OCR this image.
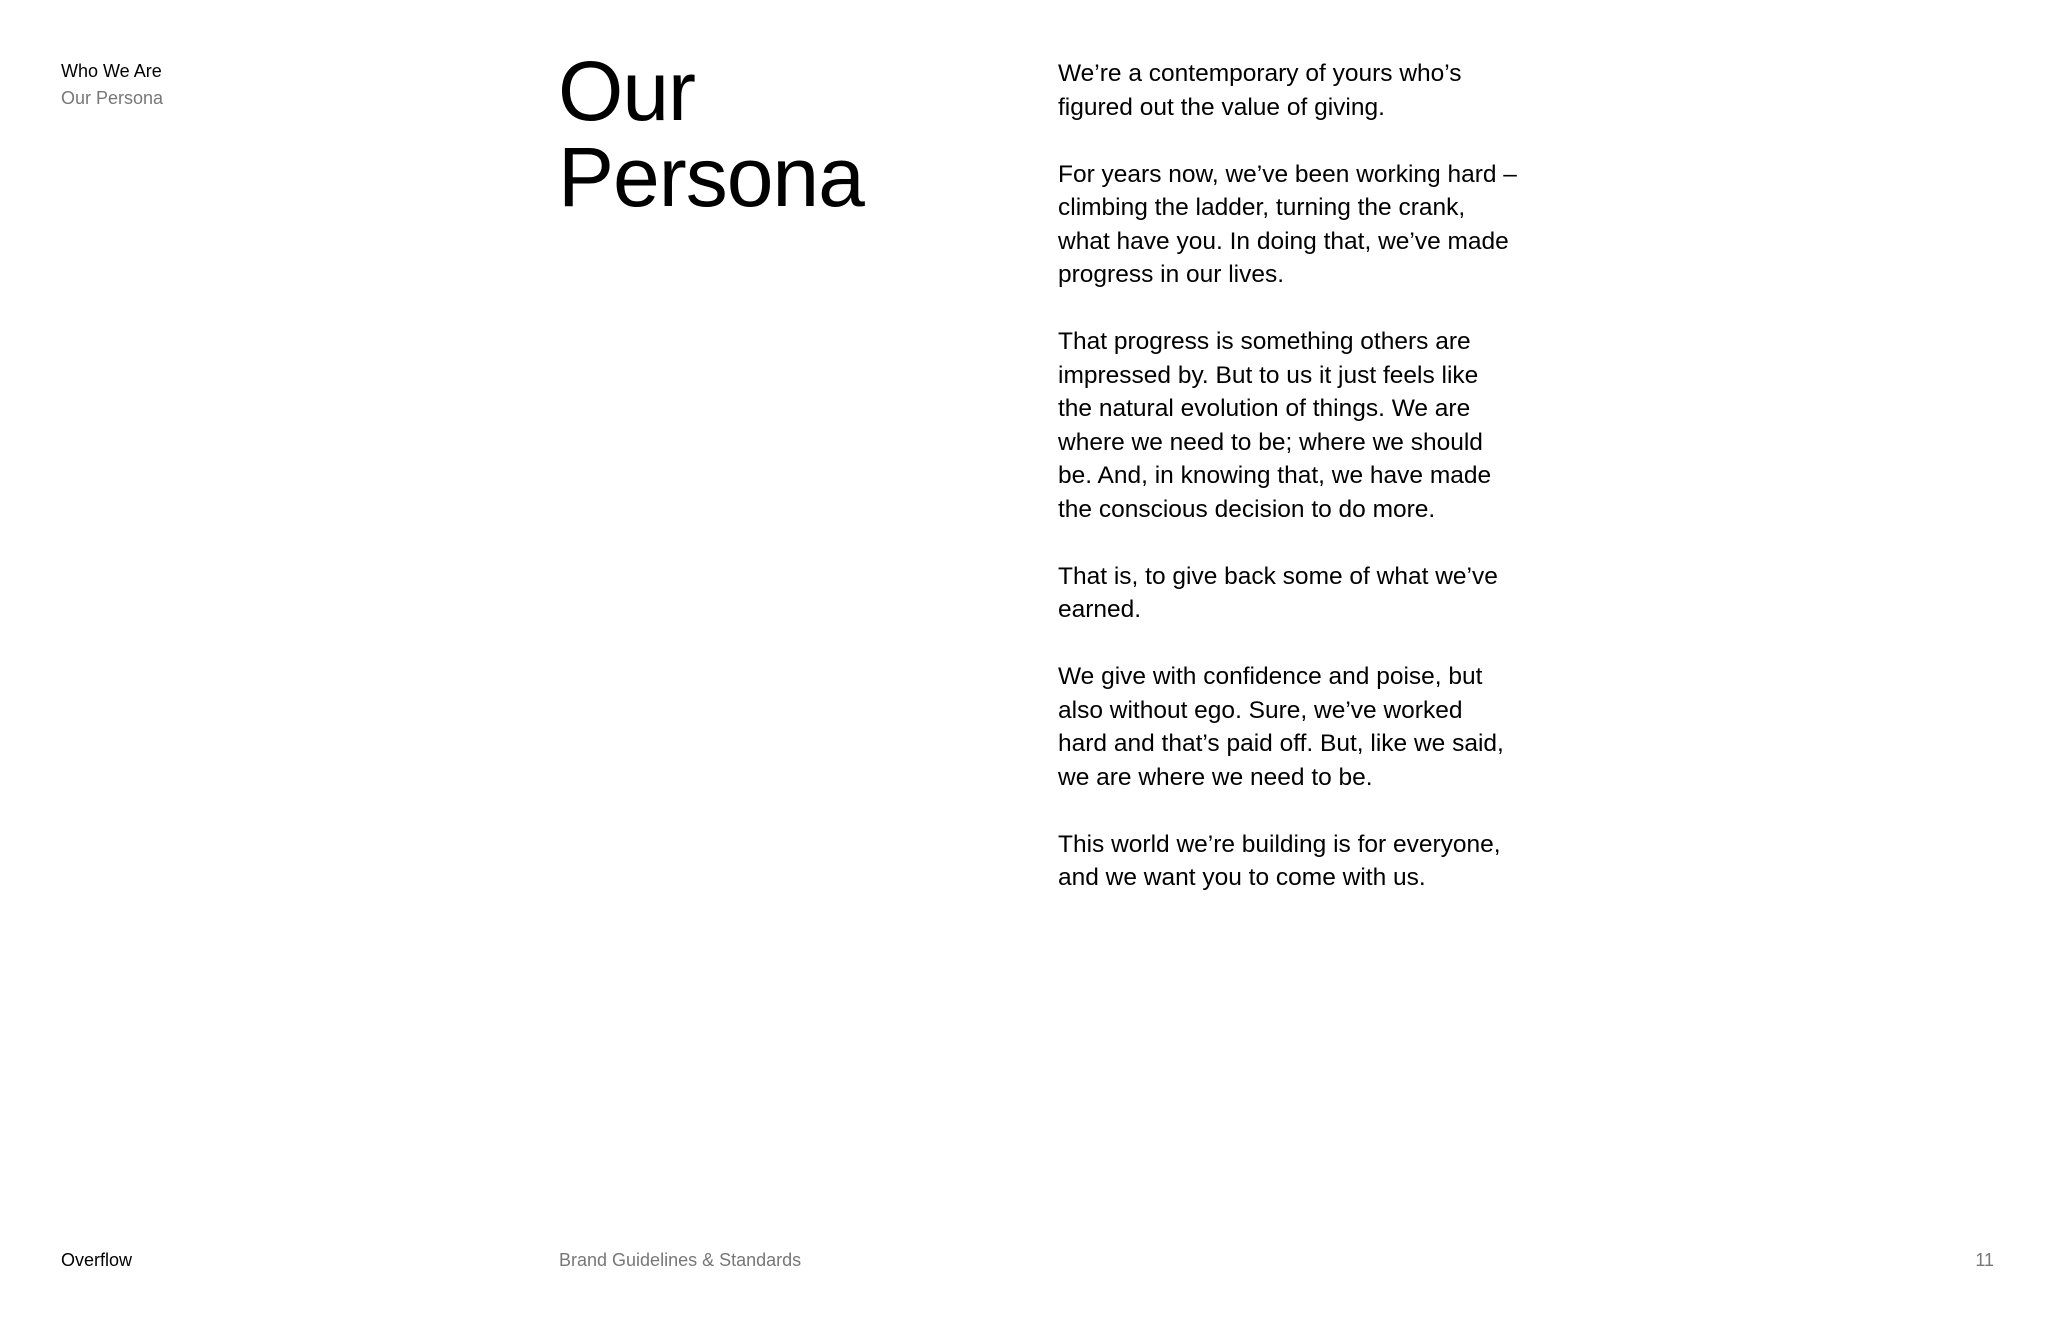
Who We Are
Our Persona	Our
Persona

We’re a contemporary of yours who’s figured out the value of giving.

For years now, we’ve been working hard – climbing the ladder, turning the crank, what have you. In doing that, we’ve made progress in our lives.

That progress is something others are impressed by. But to us it just feels like the natural evolution of things. We are where we need to be; where we should be. And, in knowing that, we have made the conscious decision to do more.

That is, to give back some of what we’ve earned.

We give with confidence and poise, but also without ego. Sure, we’ve worked hard and that’s paid off. But, like we said, we are where we need to be.

This world we’re building is for everyone, and we want you to come with us.

Overflow	Brand Guidelines & Standards	11
